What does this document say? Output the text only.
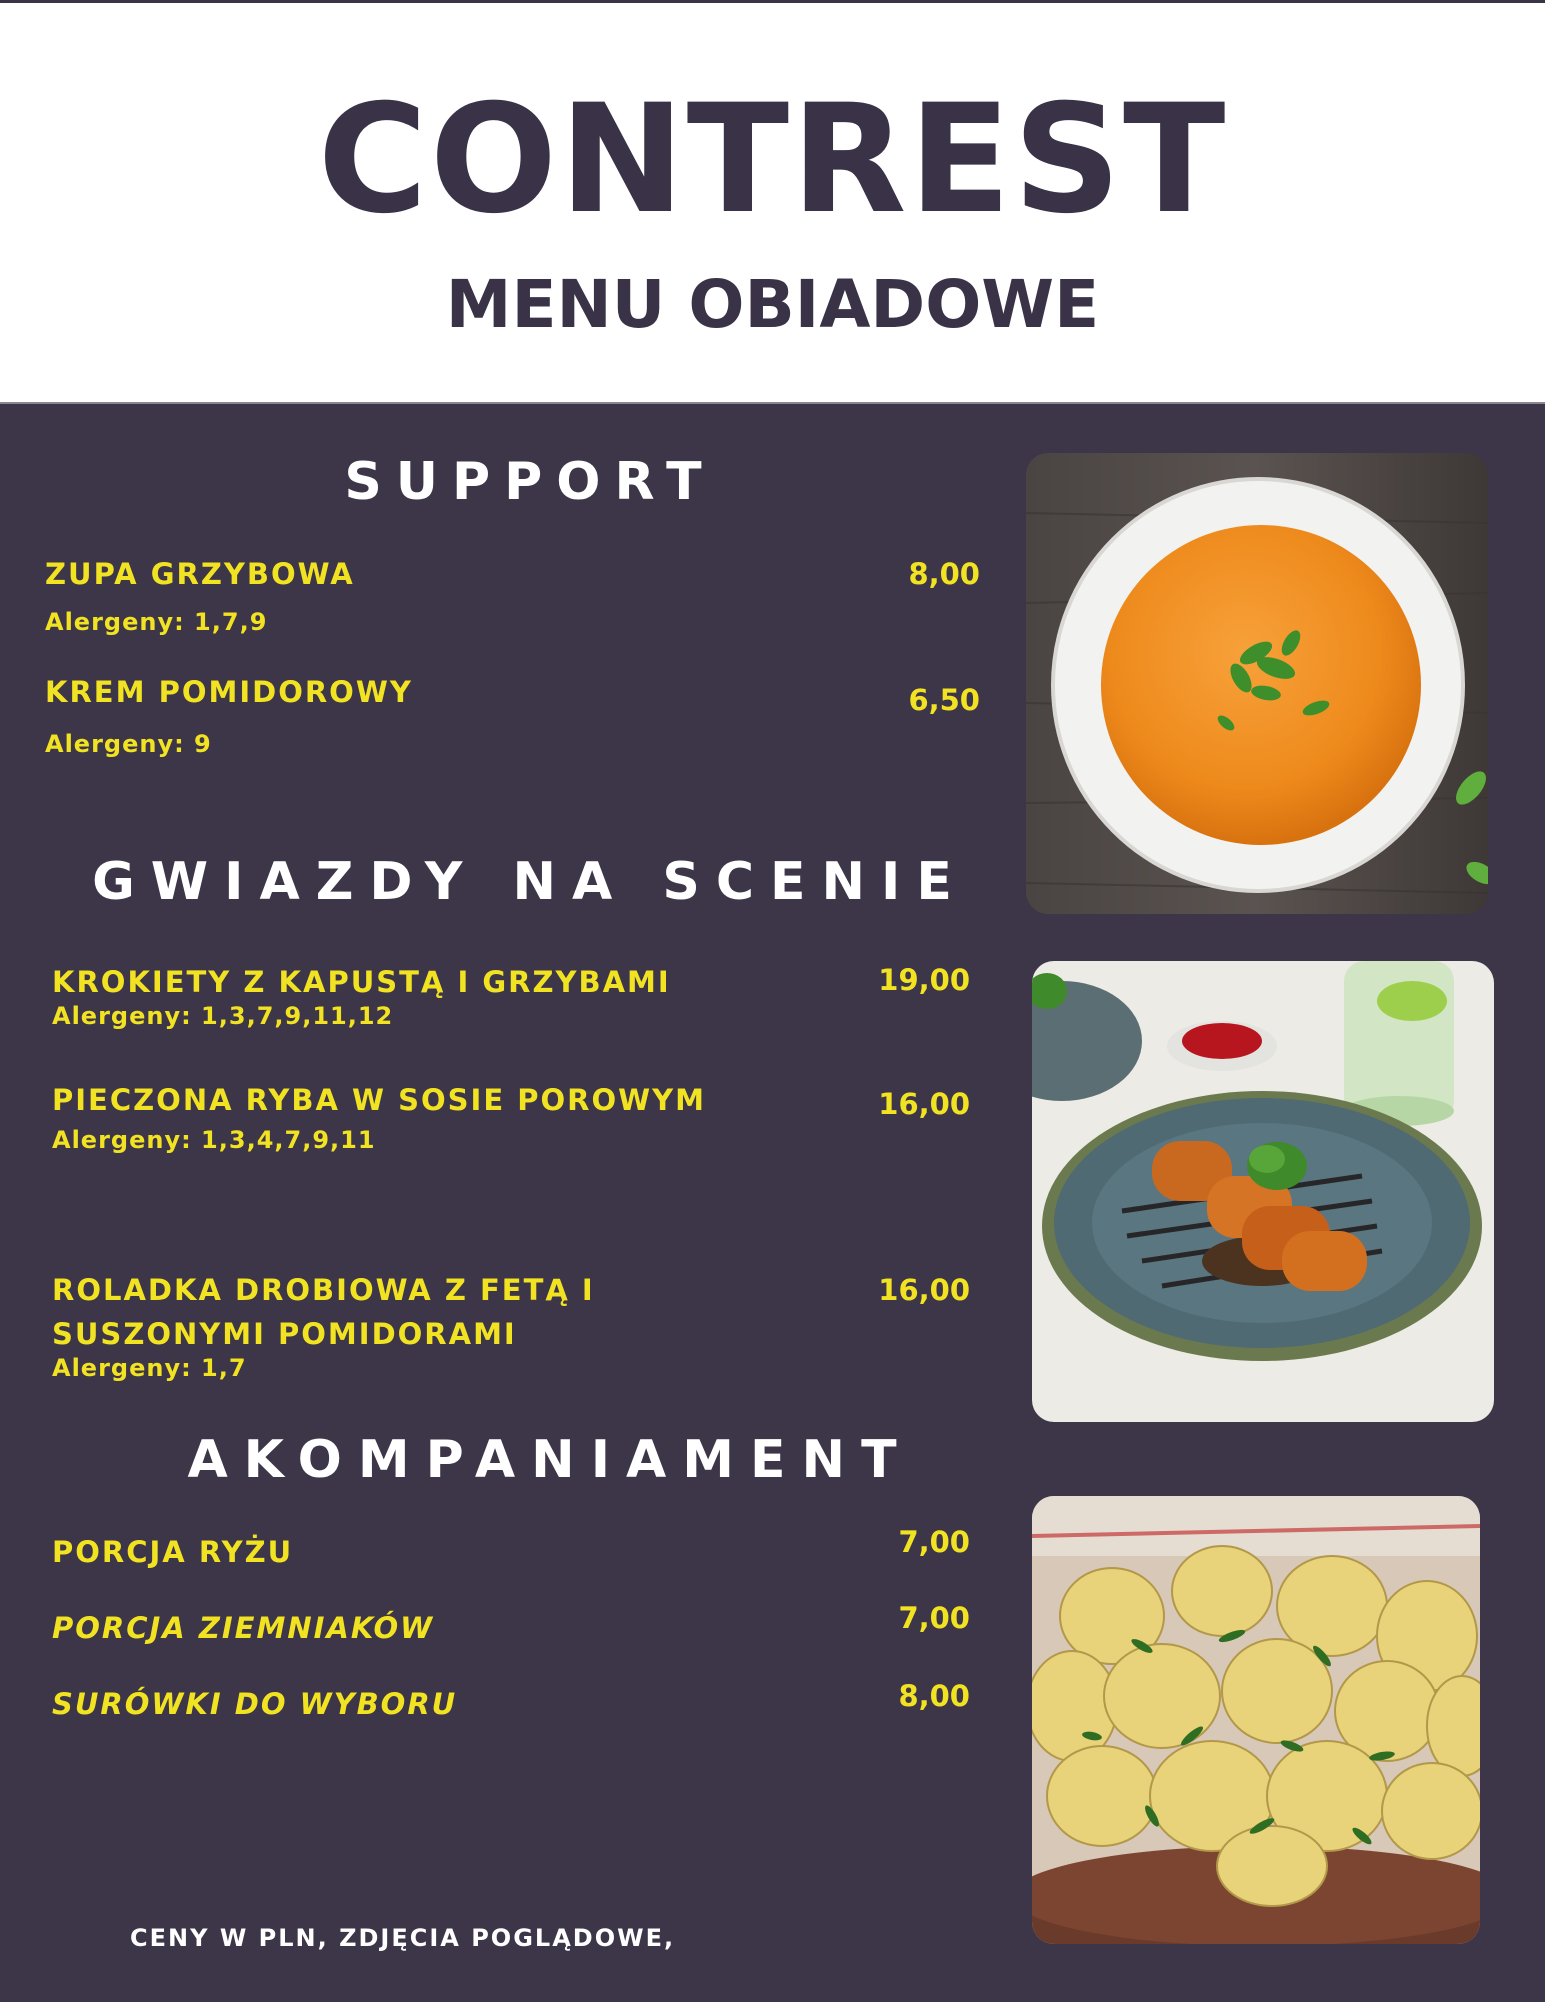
CONTREST
MENU OBIADOWE
SUPPORT
ZUPA GRZYBOWA	8,00
Alergeny: 1,7,9
KREM POMIDOROWY	6,50
Alergeny: 9
GWIAZDY NA SCENIE
KROKIETY Z KAPUSTĄ I GRZYBAMI	19,00
Alergeny: 1,3,7,9,11,12
PIECZONA RYBA W SOSIE POROWYM	16,00
Alergeny: 1,3,4,7,9,11
ROLADKA DROBIOWA Z FETĄ I
SUSZONYMI POMIDORAMI
16,00
Alergeny: 1,7
AKOMPANIAMENT
PORCJA RYŻU	7,00
PORCJA ZIEMNIAKÓW	7,00
SURÓWKI DO WYBORU	8,00
CENY W PLN, ZDJĘCIA POGLĄDOWE,
